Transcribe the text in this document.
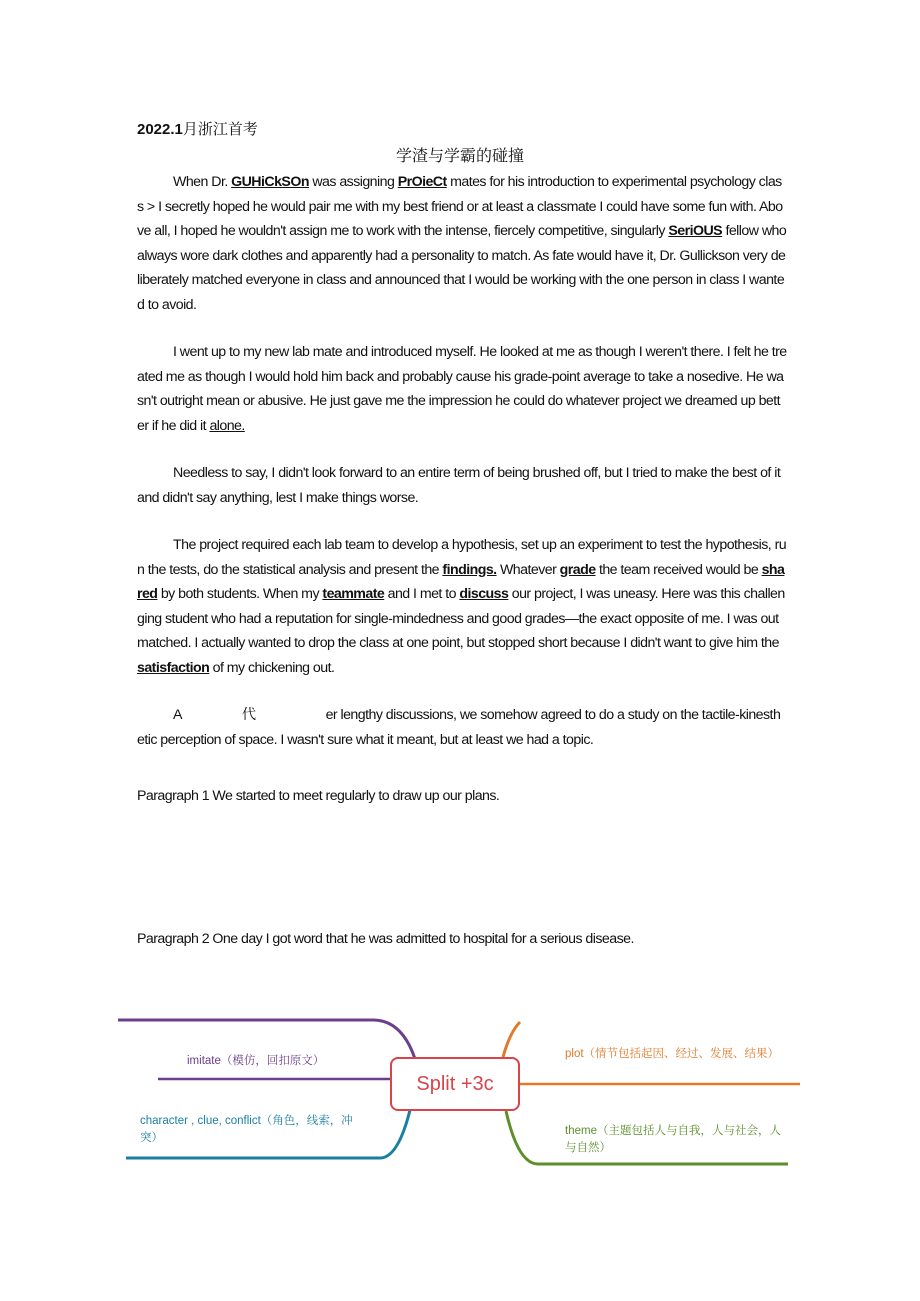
2022.1月浙江首考
学渣与学霸的碰撞

When Dr. GUHiCkSOn was assigning PrOieCt mates for his introduction to experimental psychology class > I secretly hoped he would pair me with my best friend or at least a classmate I could have some fun with. Above all, I hoped he wouldn't assign me to work with the intense, fiercely competitive, singularly SeriOUS fellow who always wore dark clothes and apparently had a personality to match. As fate would have it, Dr. Gullickson very deliberately matched everyone in class and announced that I would be working with the one person in class I wanted to avoid.

I went up to my new lab mate and introduced myself. He looked at me as though I weren't there. I felt he treated me as though I would hold him back and probably cause his grade-point average to take a nosedive. He wasn't outright mean or abusive. He just gave me the impression he could do whatever project we dreamed up better if he did it alone.

Needless to say, I didn't look forward to an entire term of being brushed off, but I tried to make the best of it and didn't say anything, lest I make things worse.

The project required each lab team to develop a hypothesis, set up an experiment to test the hypothesis, run the tests, do the statistical analysis and present the findings. Whatever grade the team received would be shared by both students. When my teammate and I met to discuss our project, I was uneasy. Here was this challenging student who had a reputation for single-mindedness and good grades—the exact opposite of me. I was outmatched. I actually wanted to drop the class at one point, but stopped short because I didn't want to give him the satisfaction of my chickening out.

A	代	er lengthy discussions, we somehow agreed to do a study on the tactile-kinesthetic perception of space. I wasn't sure what it meant, but at least we had a topic.

Paragraph 1 We started to meet regularly to draw up our plans.
Paragraph 2 One day I got word that he was admitted to hospital for a serious disease.
Split +3c
imitate（模仿，回扣原文）
character , clue, conflict（角色，线索，冲突）
plot（情节包括起因、经过、发展、结果）
theme（主题包括人与自我，人与社会，人与自然）
